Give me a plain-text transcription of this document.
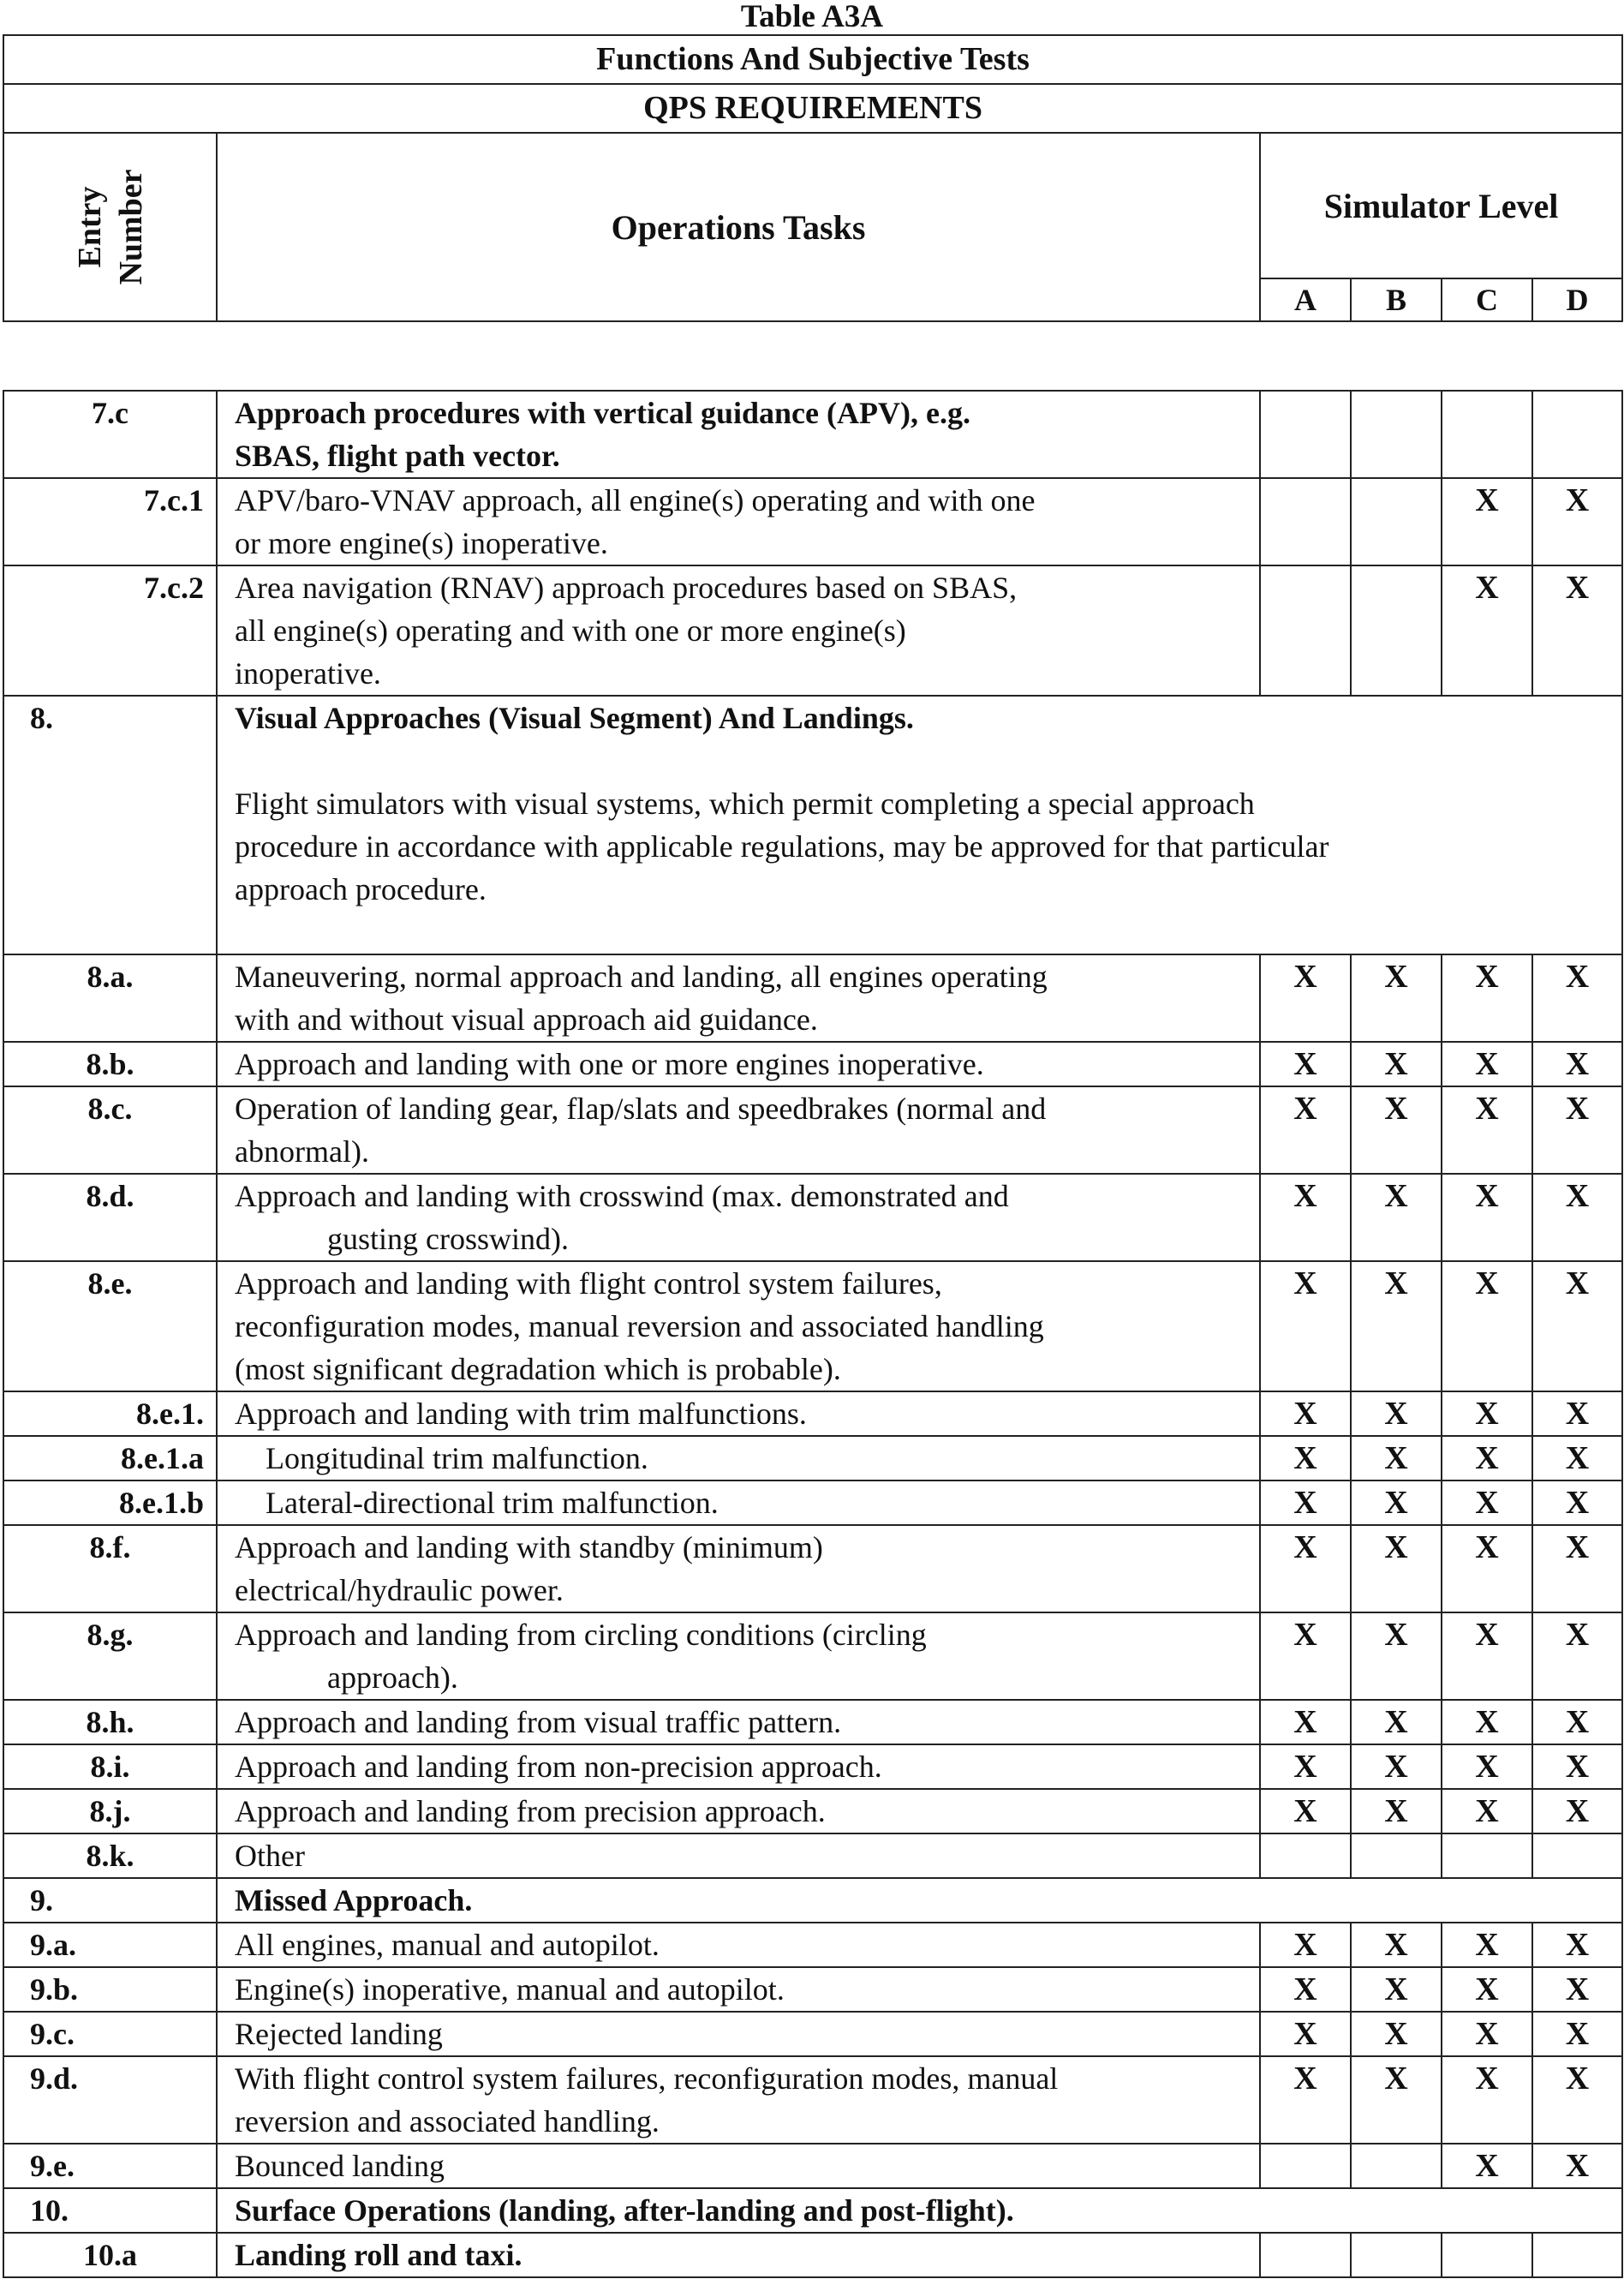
Table A3A
Functions And Subjective Tests					
QPS REQUIREMENTS					

Entry
Number	Operations Tasks	Simulator Level			
		A	B	C	D
7.c	Approach procedures with vertical guidance (APV), e.g.
SBAS, flight path vector.				
7.c.1	APV/baro-VNAV approach, all engine(s) operating and with one
or more engine(s) inoperative.			X	X
7.c.2	Area navigation (RNAV) approach procedures based on SBAS,
all engine(s) operating and with one or more engine(s)
inoperative.			X	X
8.	Visual Approaches (Visual Segment) And Landings.
Flight simulators with visual systems, which permit completing a special approach
procedure in accordance with applicable regulations, may be approved for that particular
approach procedure.				
8.a.	Maneuvering, normal approach and landing, all engines operating
with and without visual approach aid guidance.	X	X	X	X
8.b.	Approach and landing with one or more engines inoperative.	X	X	X	X
8.c.	Operation of landing gear, flap/slats and speedbrakes (normal and
abnormal).	X	X	X	X
8.d.	Approach and landing with crosswind (max. demonstrated and
gusting crosswind).	X	X	X	X
8.e.	Approach and landing with flight control system failures,
reconfiguration modes, manual reversion and associated handling
(most significant degradation which is probable).	X	X	X	X
8.e.1.	Approach and landing with trim malfunctions.	X	X	X	X
8.e.1.a	Longitudinal trim malfunction.	X	X	X	X
8.e.1.b	Lateral-directional trim malfunction.	X	X	X	X
8.f.	Approach and landing with standby (minimum)
electrical/hydraulic power.	X	X	X	X
8.g.	Approach and landing from circling conditions (circling
approach).	X	X	X	X
8.h.	Approach and landing from visual traffic pattern.	X	X	X	X
8.i.	Approach and landing from non-precision approach.	X	X	X	X
8.j.	Approach and landing from precision approach.	X	X	X	X
8.k.	Other				
9.	Missed Approach.				
9.a.	All engines, manual and autopilot.	X	X	X	X
9.b.	Engine(s) inoperative, manual and autopilot.	X	X	X	X
9.c.	Rejected landing	X	X	X	X
9.d.	With flight control system failures, reconfiguration modes, manual
reversion and associated handling.	X	X	X	X
9.e.	Bounced landing			X	X
10.	Surface Operations (landing, after-landing and post-flight).				
10.a	Landing roll and taxi.				
